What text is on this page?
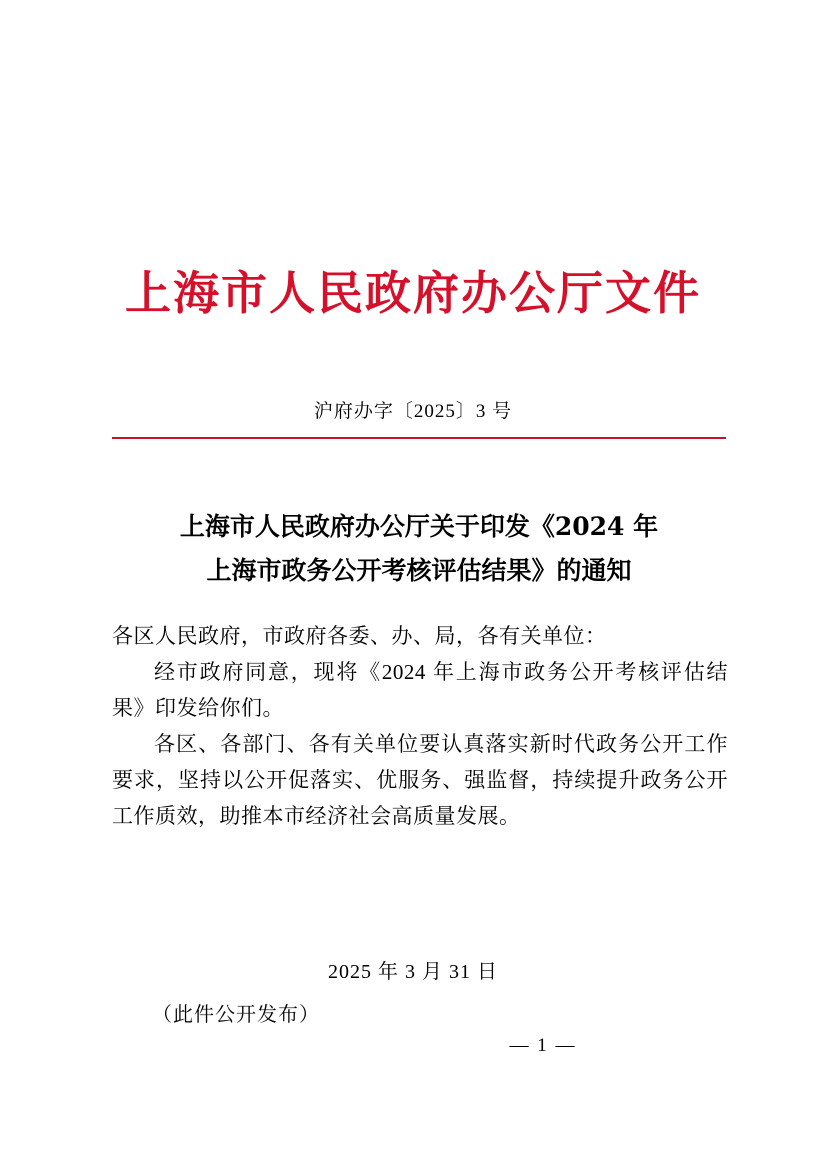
上海市人民政府办公厅文件
沪府办字〔2025〕3 号
上海市人民政府办公厅关于印发《2024 年
上海市政务公开考核评估结果》的通知

各区人民政府，市政府各委、办、局，各有关单位：

经市政府同意，现将《2024 年上海市政务公开考核评估结果》印发给你们。

各区、各部门、各有关单位要认真落实新时代政务公开工作要求，坚持以公开促落实、优服务、强监督，持续提升政务公开工作质效，助推本市经济社会高质量发展。

2025 年 3 月 31 日
（此件公开发布）
— 1 —
